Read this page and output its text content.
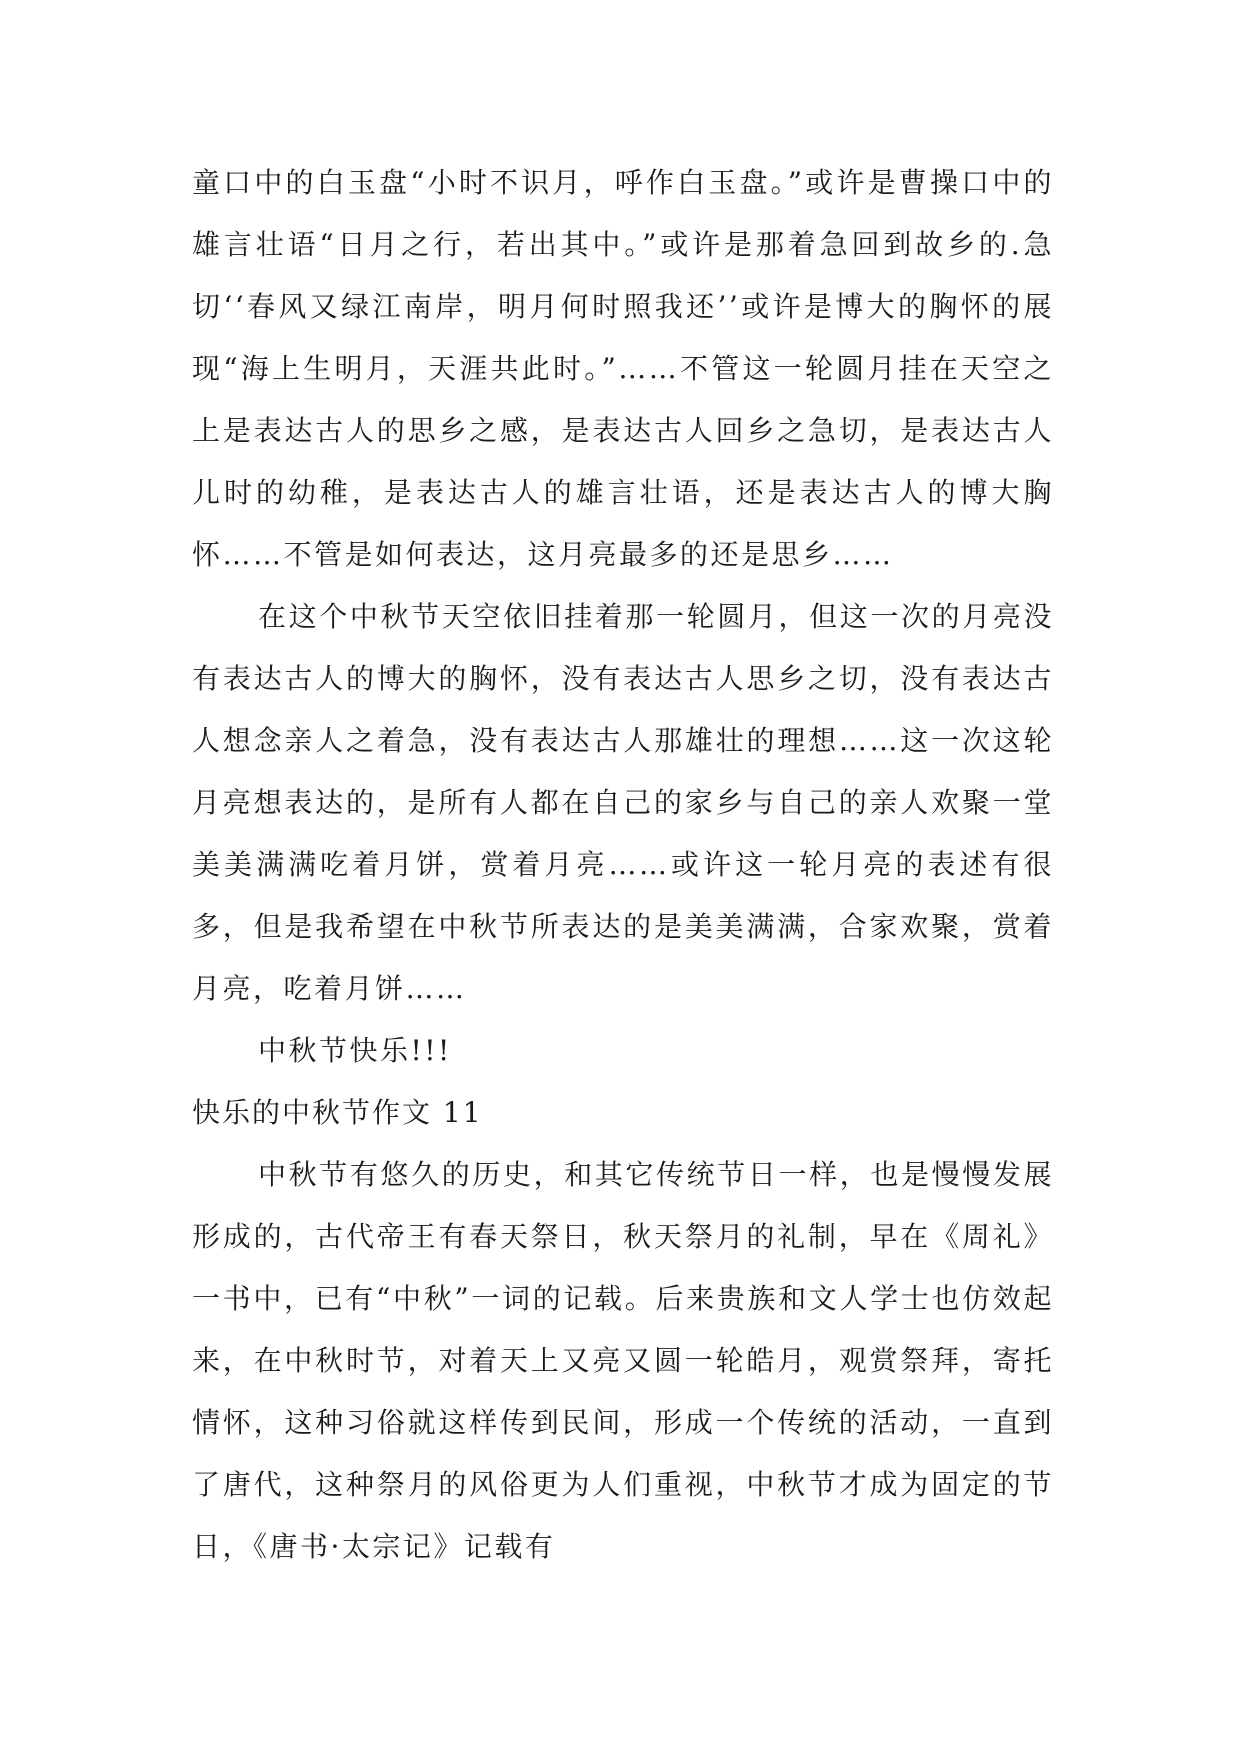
童口中的白玉盘“小时不识月，呼作白玉盘。”或许是曹操口中的雄言壮语“日月之行，若出其中。”或许是那着急回到故乡的.急切‘‘春风又绿江南岸，明月何时照我还’’或许是博大的胸怀的展现“海上生明月，天涯共此时。”……不管这一轮圆月挂在天空之上是表达古人的思乡之感，是表达古人回乡之急切，是表达古人儿时的幼稚，是表达古人的雄言壮语，还是表达古人的博大胸怀……不管是如何表达，这月亮最多的还是思乡……

在这个中秋节天空依旧挂着那一轮圆月，但这一次的月亮没有表达古人的博大的胸怀，没有表达古人思乡之切，没有表达古人想念亲人之着急，没有表达古人那雄壮的理想……这一次这轮月亮想表达的，是所有人都在自己的家乡与自己的亲人欢聚一堂美美满满吃着月饼，赏着月亮……或许这一轮月亮的表述有很多，但是我希望在中秋节所表达的是美美满满，合家欢聚，赏着月亮，吃着月饼……

中秋节快乐!!!

快乐的中秋节作文 11

中秋节有悠久的历史，和其它传统节日一样，也是慢慢发展形成的，古代帝王有春天祭日，秋天祭月的礼制，早在《周礼》一书中，已有“中秋”一词的记载。后来贵族和文人学士也仿效起来，在中秋时节，对着天上又亮又圆一轮皓月，观赏祭拜，寄托情怀，这种习俗就这样传到民间，形成一个传统的活动，一直到了唐代，这种祭月的风俗更为人们重视，中秋节才成为固定的节日，《唐书·太宗记》记载有
